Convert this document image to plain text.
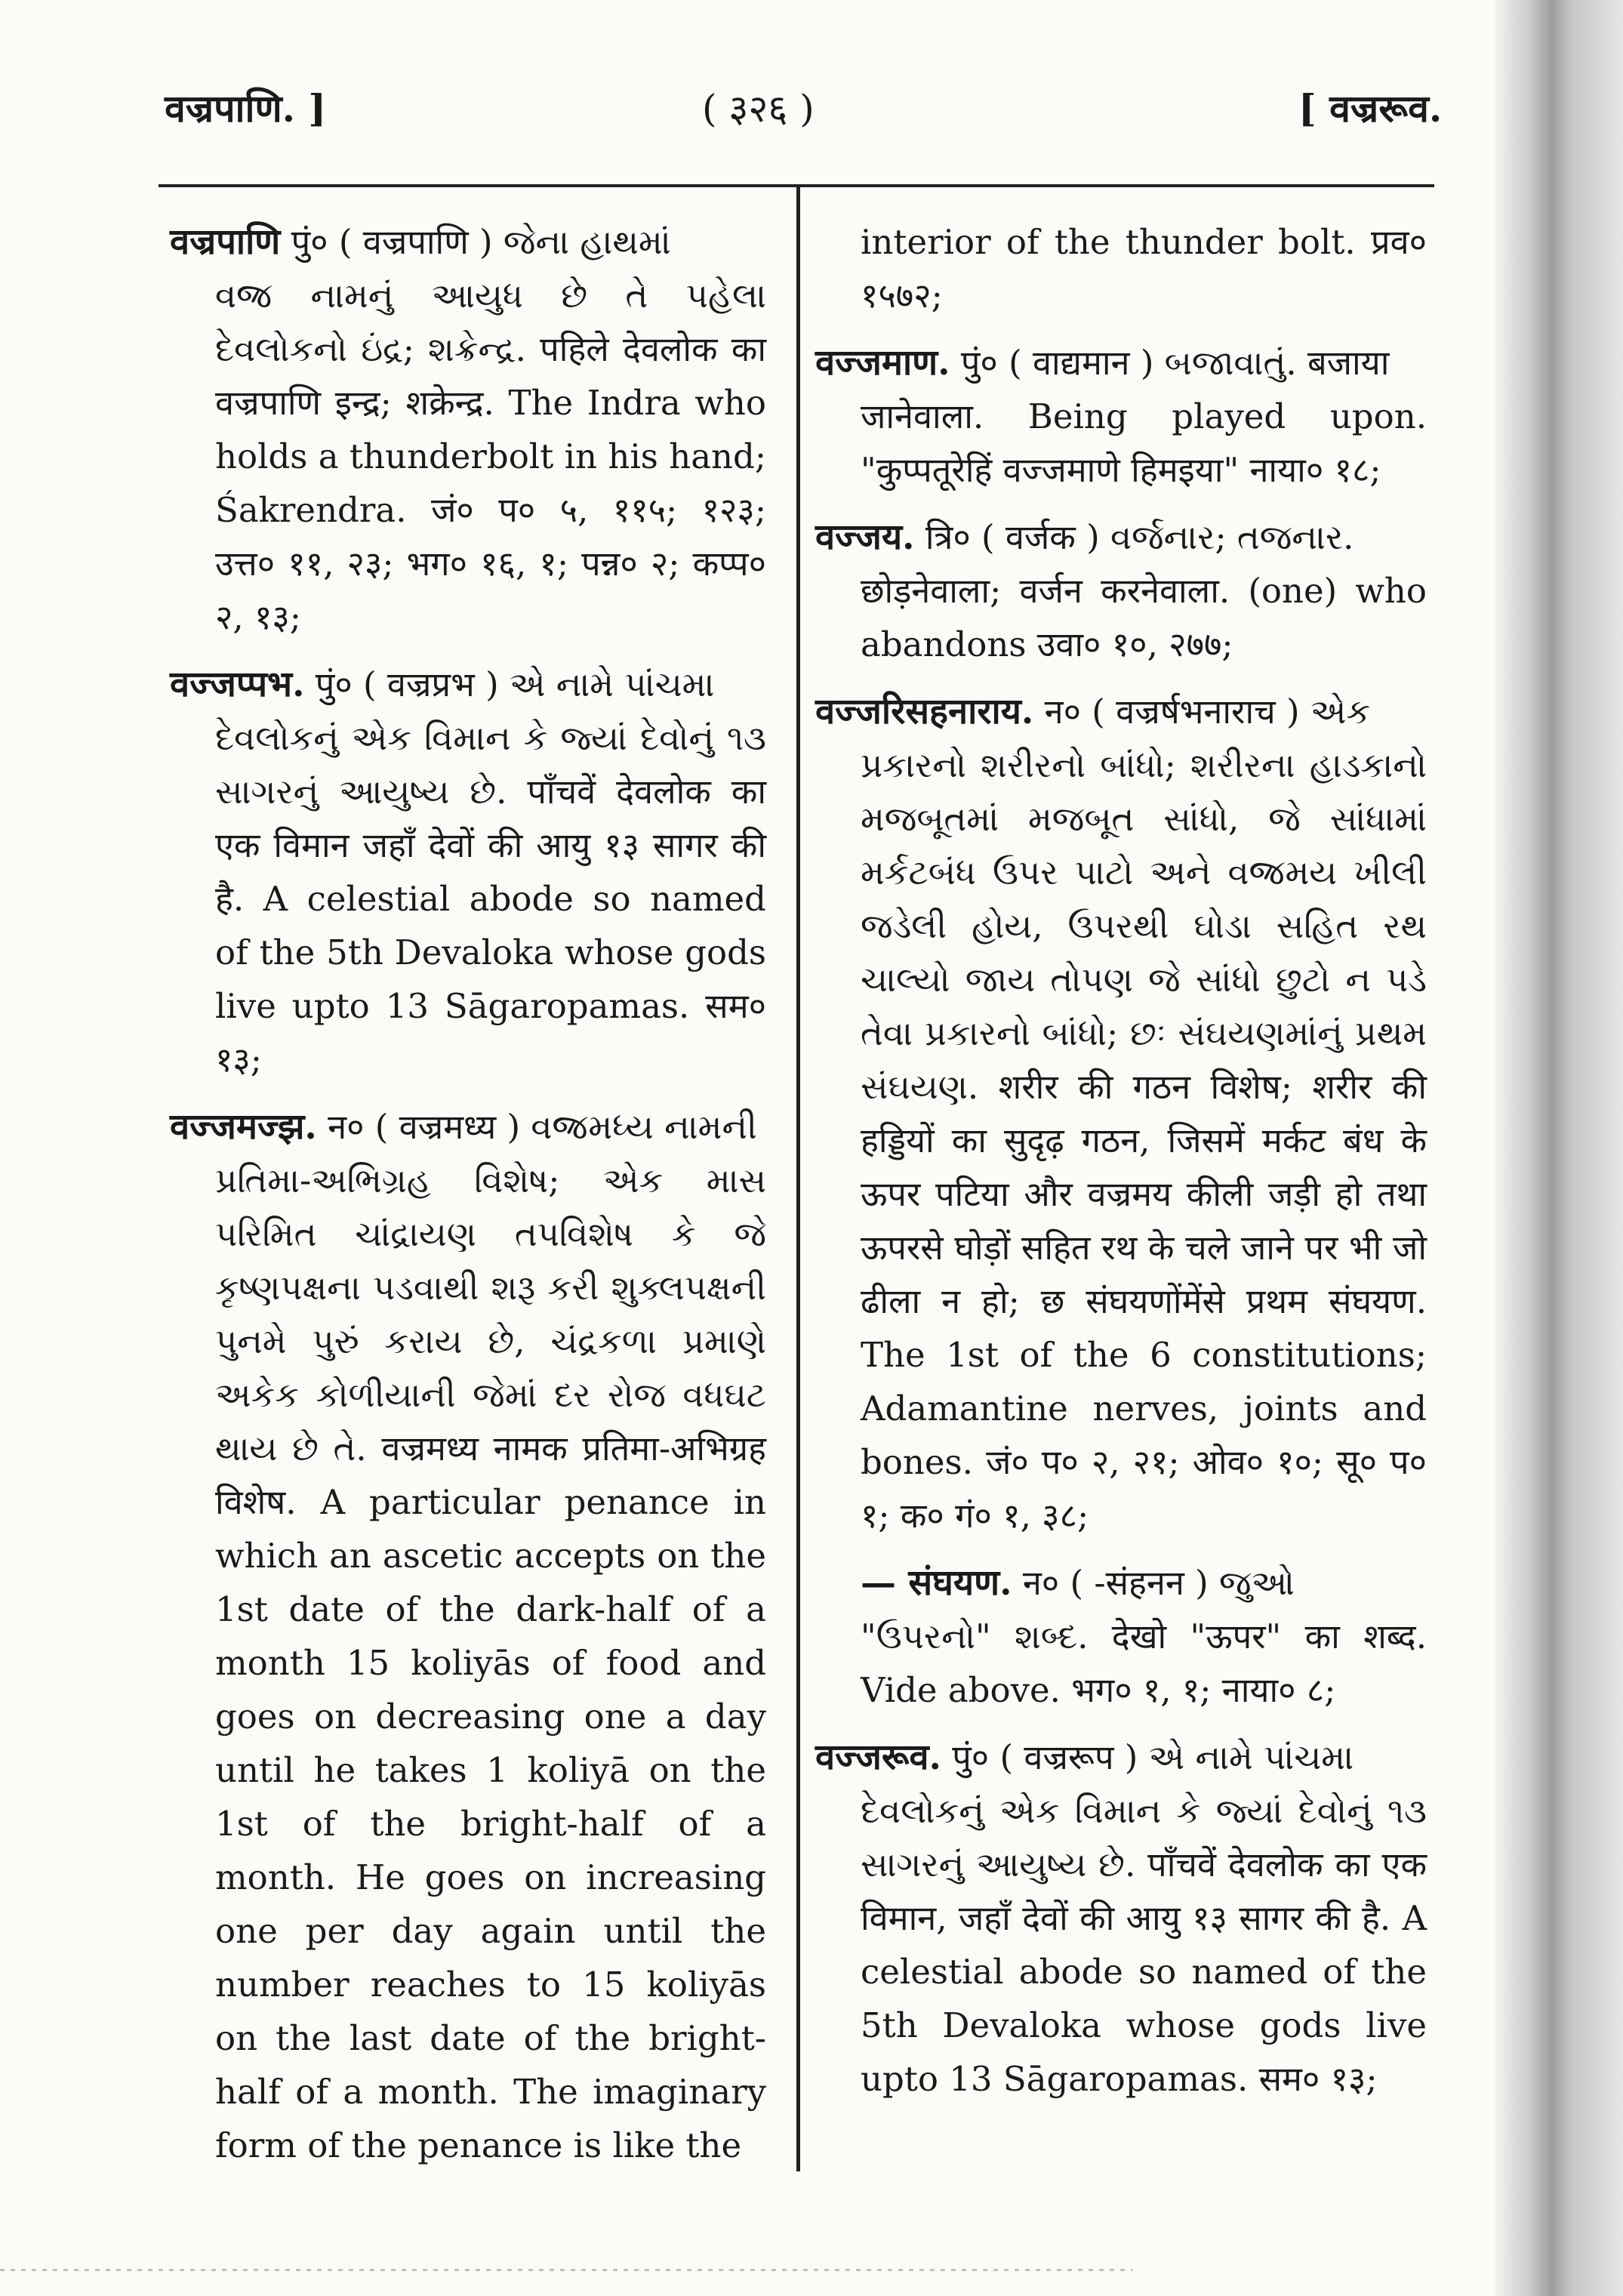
वज्रपाणि. ]	( ३२६ )	[ वज्ररूव.
वज्रपाणि पुं० ( वज्रपाणि ) જેના હાથમાં
વજ્ર નામનું આયુધ છે તે પહેલા દેવલોકનો ઇંદ્ર; શક્રેન્દ્ર. पहिले देवलोक का वज्रपाणि इन्द्र; शक्रेन्द्र. The Indra who holds a thunderbolt in his hand; Śakrendra. जं० प० ५, ११५; १२३; उत्त० ११, २३; भग० १६, १; पन्न० २; कप्प० २, १३;
वज्जप्पभ. पुं० ( वज्रप्रभ ) એ નામે પાંચમા
દેવલોકનું એક વિમાન કે જ્યાં દેવોનું ૧૩ સાગરનું આયુષ્ય છે. पाँचवें देवलोक का एक विमान जहाँ देवों की आयु १३ सागर की है. A celestial abode so named of the 5th Devaloka whose gods live upto 13 Sāgaropamas. सम० १३;
वज्जमज्झ. न० ( वज्रमध्य ) વજ્રમધ્ય નામની
પ્રતિમા-અભિગ્રહ વિશેષ; એક માસ પરિમિત ચાંદ્રાયણ તપવિશેષ કે જે કૃષ્ણપક્ષના પડવાથી શરૂ કરી શુક્લપક્ષની પુનમે પુરું કરાય છે, ચંદ્રકળા પ્રમાણે અકેક કોળીયાની જેમાં દર રોજ વધઘટ થાય છે તે. वज्रमध्य नामक प्रतिमा-अभिग्रह विशेष. A particular penance in which an ascetic accepts on the 1st date of the dark-half of a month 15 koliyās of food and goes on decreasing one a day until he takes 1 koliyā on the 1st of the bright-half of a month. He goes on increasing one per day again until the number reaches to 15 koliyās on the last date of the bright-half of a month. The imaginary form of the penance is like the
interior of the thunder bolt. प्रव० १५७२;
वज्जमाण. पुं० ( वाद्यमान ) બજાવાતું. बजाया
जानेवाला. Being played upon. "कुप्पतूरेहिं वज्जमाणे हिमइया" नाया० १८;
वज्जय. त्रि० ( वर्जक ) વર્જનાર; તજનાર.
छोड़नेवाला; वर्जन करनेवाला. (one) who abandons उवा० १०, २७७;
वज्जरिसहनाराय. न० ( वज्रर्षभनाराच ) એક
પ્રકારનો શરીરનો બાંધો; શરીરના હાડકાનો મજબૂતમાં મજબૂત સાંધો, જે સાંધામાં મર્કટબંધ ઉપર પાટો અને વજ્રમય ખીલી જડેલી હોય, ઉપરથી ઘોડા સહિત રથ ચાલ્યો જાય તોપણ જે સાંધો છુટો ન પડે તેવા પ્રકારનો બાંધો; છઃ સંઘયણમાંનું પ્રથમ સંઘયણ. शरीर की गठन विशेष; शरीर की हड्डियों का सुदृढ़ गठन, जिसमें मर्कट बंध के ऊपर पटिया और वज्रमय कीली जड़ी हो तथा ऊपरसे घोड़ों सहित रथ के चले जाने पर भी जो ढीला न हो; छ संघयणोंमेंसे प्रथम संघयण. The 1st of the 6 constitutions; Adamantine nerves, joints and bones. जं० प० २, २१; ओव० १०; सू० प० १; क० गं० १, ३८;
— संघयण. न० ( -संहनन ) જુઓ
"ઉપરનો" શબ્દ. देखो "ऊपर" का शब्द. Vide above. भग० १, १; नाया० ८;
वज्जरूव. पुं० ( वज्ररूप ) એ નામે પાંચમા
દેવલોકનું એક વિમાન કે જ્યાં દેવોનું ૧૩ સાગરનું આયુષ્ય છે. पाँचवें देवलोक का एक विमान, जहाँ देवों की आयु १३ सागर की है. A celestial abode so named of the 5th Devaloka whose gods live upto 13 Sāgaropamas. सम० १३;
